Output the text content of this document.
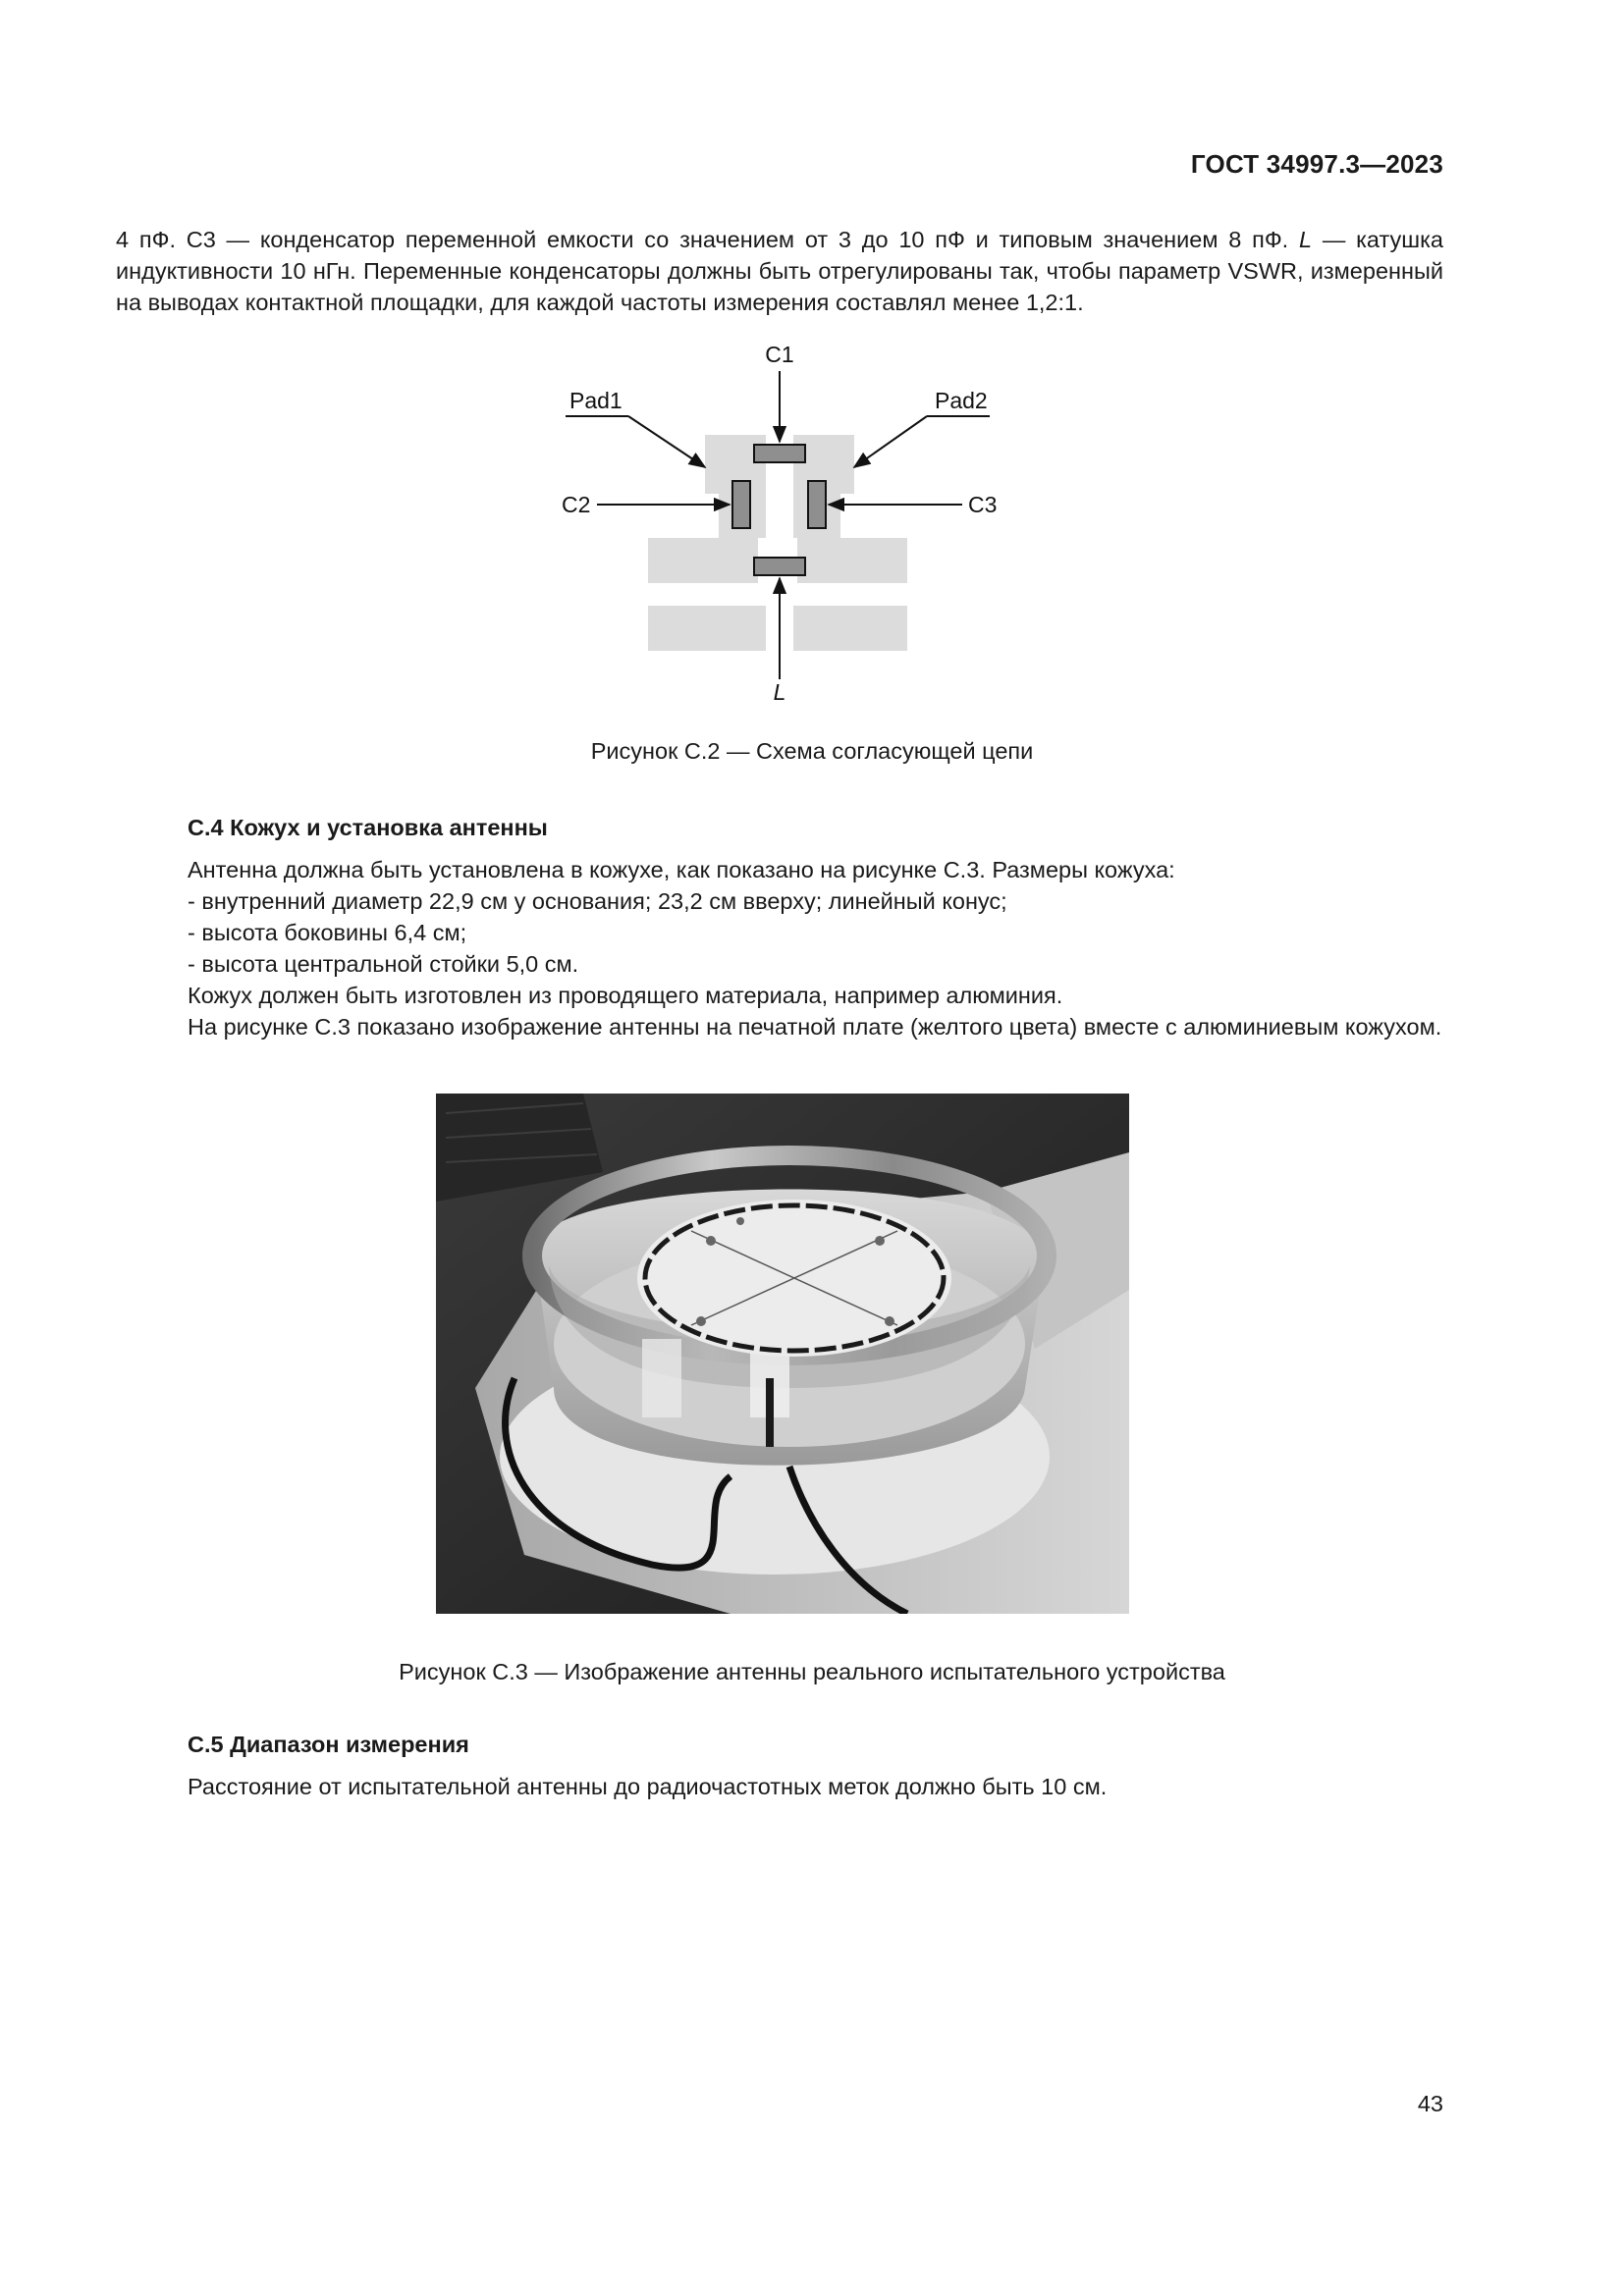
ГОСТ 34997.3—2023

4 пФ. С3 — конденсатор переменной емкости со значением от 3 до 10 пФ и типовым значением 8 пФ. L — катушка индуктивности 10 нГн. Переменные конденсаторы должны быть отрегулированы так, чтобы параметр VSWR, измеренный на выводах контактной площадки, для каждой частоты измерения составлял менее 1,2:1.

C1
Pad1	Pad2
C2	C3
L
Рисунок С.2 — Схема согласующей цепи
С.4 Кожух и установка антенны

Антенна должна быть установлена в кожухе, как показано на рисунке С.3. Размеры кожуха:

- внутренний диаметр 22,9 см у основания; 23,2 см вверху; линейный конус;

- высота боковины 6,4 см;

- высота центральной стойки 5,0 см.

Кожух должен быть изготовлен из проводящего материала, например алюминия.

На рисунке С.3 показано изображение антенны на печатной плате (желтого цвета) вместе с алюминиевым кожухом.

Рисунок С.3 — Изображение антенны реального испытательного устройства
С.5 Диапазон измерения

Расстояние от испытательной антенны до радиочастотных меток должно быть 10 см.

43
